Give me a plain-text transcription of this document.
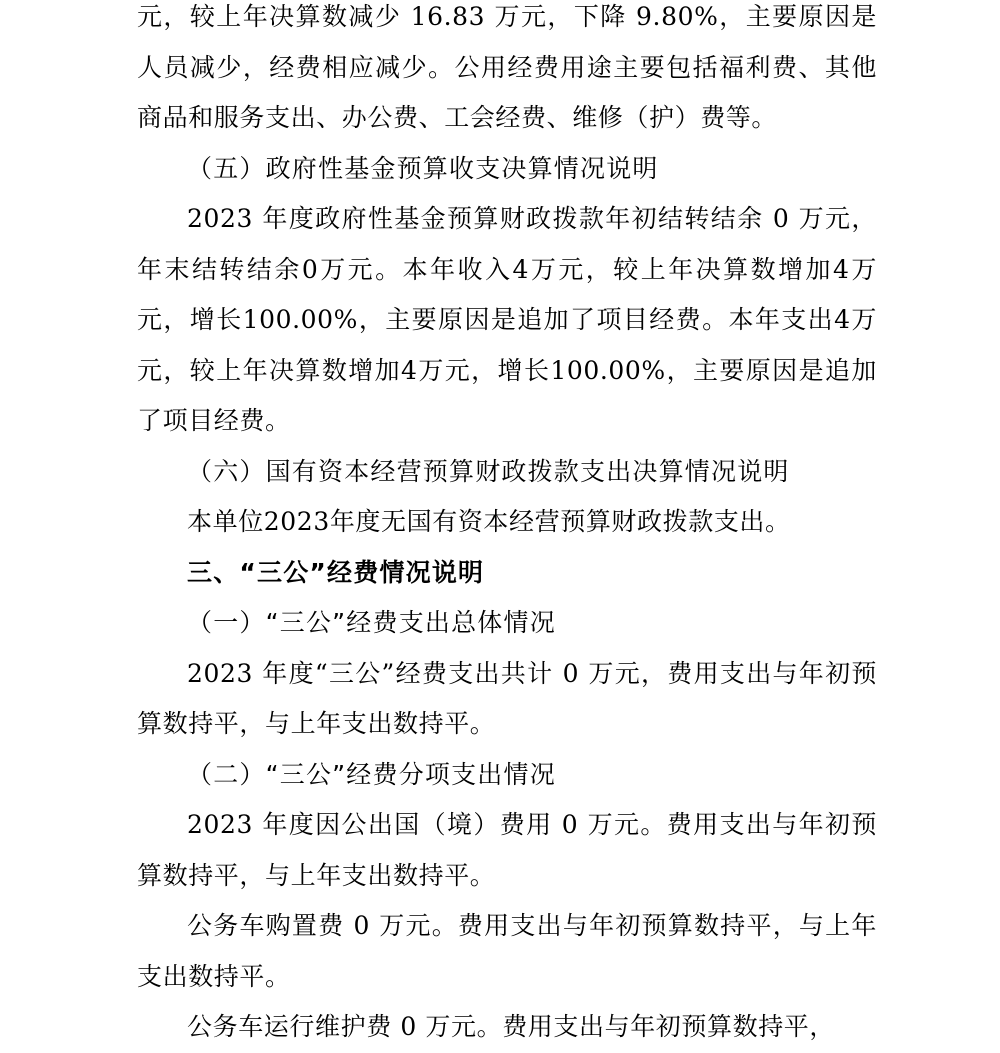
元，较上年决算数减少 16.83 万元，下降 9.80%，主要原因是人员减少，经费相应减少。公用经费用途主要包括福利费、其他商品和服务支出、办公费、工会经费、维修（护）费等。

（五）政府性基金预算收支决算情况说明

2023 年度政府性基金预算财政拨款年初结转结余 0 万元，年末结转结余0万元。本年收入4万元，较上年决算数增加4万元，增长100.00%，主要原因是追加了项目经费。本年支出4万元，较上年决算数增加4万元，增长100.00%，主要原因是追加了项目经费。

（六）国有资本经营预算财政拨款支出决算情况说明

本单位2023年度无国有资本经营预算财政拨款支出。

三、“三公”经费情况说明

（一）“三公”经费支出总体情况

2023 年度“三公”经费支出共计 0 万元，费用支出与年初预算数持平，与上年支出数持平。

（二）“三公”经费分项支出情况

2023 年度因公出国（境）费用 0 万元。费用支出与年初预算数持平，与上年支出数持平。

公务车购置费 0 万元。费用支出与年初预算数持平，与上年支出数持平。

公务车运行维护费 0 万元。费用支出与年初预算数持平，
